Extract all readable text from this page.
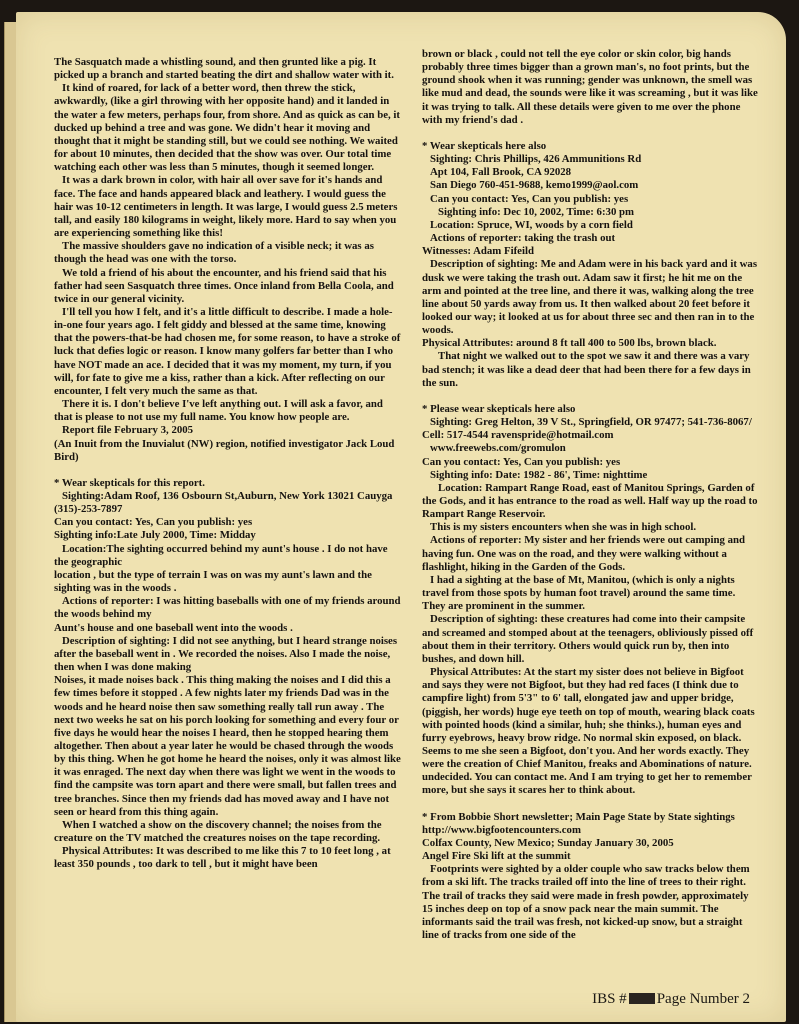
The Sasquatch made a whistling sound, and then grunted like a pig. It picked up a branch and started beating the dirt and shallow water with it.

It kind of roared, for lack of a better word, then threw the stick, awkwardly, (like a girl throwing with her opposite hand) and it landed in the water a few meters, perhaps four, from shore. And as quick as can be, it ducked up behind a tree and was gone. We didn't hear it moving and thought that it might be standing still, but we could see nothing. We waited for about 10 minutes, then decided that the show was over. Our total time watching each other was less than 5 minutes, though it seemed longer.

It was a dark brown in color, with hair all over save for it's hands and face. The face and hands appeared black and leathery. I would guess the hair was 10-12 centimeters in length. It was large, I would guess 2.5 meters tall, and easily 180 kilograms in weight, likely more. Hard to say when you are experiencing something like this!

The massive shoulders gave no indication of a visible neck; it was as though the head was one with the torso.

We told a friend of his about the encounter, and his friend said that his father had seen Sasquatch three times. Once inland from Bella Coola, and twice in our general vicinity.

I'll tell you how I felt, and it's a little difficult to describe. I made a hole-in-one four years ago. I felt giddy and blessed at the same time, knowing that the powers-that-be had chosen me, for some reason, to have a stroke of luck that defies logic or reason. I know many golfers far better than I who have NOT made an ace. I decided that it was my moment, my turn, if you will, for fate to give me a kiss, rather than a kick. After reflecting on our encounter, I felt very much the same as that.

There it is. I don't believe I've left anything out. I will ask a favor, and that is please to not use my full name. You know how people are.

Report file February 3, 2005

(An Inuit from the Inuvialut (NW) region, notified investigator Jack Loud Bird)

* Wear skepticals for this report.

Sighting:Adam Roof, 136 Osbourn St,Auburn, New York 13021 Cauyga (315)-253-7897

Can you contact: Yes, Can you publish: yes

Sighting info:Late July 2000, Time: Midday

Location:The sighting occurred behind my aunt's house . I do not have the geographic

location , but the type of terrain I was on was my aunt's lawn and the sighting was in the woods .

Actions of reporter: I was hitting baseballs with one of my friends around the woods behind my

Aunt's house and one baseball went into the woods .

Description of sighting: I did not see anything, but I heard strange noises after the baseball went in . We recorded the noises. Also I made the noise, then when I was done making

Noises, it made noises back . This thing making the noises and I did this a few times before it stopped . A few nights later my friends Dad was in the woods and he heard noise then saw something really tall run away . The next two weeks he sat on his porch looking for something and every four or five days he would hear the noises I heard, then he stopped hearing them altogether. Then about a year later he would be chased through the woods by this thing. When he got home he heard the noises, only it was almost like it was enraged. The next day when there was light we went in the woods to find the campsite was torn apart and there were small, but fallen trees and tree branches. Since then my friends dad has moved away and I have not seen or heard from this thing again.

When I watched a show on the discovery channel; the noises from the creature on the TV matched the creatures noises on the tape recording.

Physical Attributes: It was described to me like this 7 to 10 feet long , at least 350 pounds , too dark to tell , but it might have been

brown or black , could not tell the eye color or skin color, big hands probably three times bigger than a grown man's, no foot prints, but the ground shook when it was running; gender was unknown, the smell was like mud and dead, the sounds were like it was screaming , but it was like it was trying to talk. All these details were given to me over the phone with my friend's dad .

* Wear skepticals here also

Sighting: Chris Phillips, 426 Ammunitions Rd

Apt 104, Fall Brook, CA 92028

San Diego 760-451-9688, kemo1999@aol.com

Can you contact: Yes, Can you publish: yes

Sighting info: Dec 10, 2002, Time: 6:30 pm

Location: Spruce, WI, woods by a corn field

Actions of reporter: taking the trash out

Witnesses: Adam Fifeild

Description of sighting: Me and Adam were in his back yard and it was dusk we were taking the trash out. Adam saw it first; he hit me on the arm and pointed at the tree line, and there it was, walking along the tree line about 50 yards away from us. It then walked about 20 feet before it looked our way; it looked at us for about three sec and then ran in to the woods.

Physical Attributes: around 8 ft tall 400 to 500 lbs, brown black.

That night we walked out to the spot we saw it and there was a vary bad stench; it was like a dead deer that had been there for a few days in the sun.

* Please wear skepticals here also

Sighting: Greg Helton, 39 V St., Springfield, OR 97477; 541-736-8067/ Cell: 517-4544 ravenspride@hotmail.com

www.freewebs.com/gromulon

Can you contact: Yes, Can you publish: yes

Sighting info: Date: 1982 - 86', Time: nighttime

Location: Rampart Range Road, east of Manitou Springs, Garden of the Gods, and it has entrance to the road as well. Half way up the road to Rampart Range Reservoir.

This is my sisters encounters when she was in high school.

Actions of reporter: My sister and her friends were out camping and having fun. One was on the road, and they were walking without a flashlight, hiking in the Garden of the Gods.

I had a sighting at the base of Mt, Manitou, (which is only a nights travel from those spots by human foot travel) around the same time. They are prominent in the summer.

Description of sighting: these creatures had come into their campsite and screamed and stomped about at the teenagers, obliviously pissed off about them in their territory. Others would quick run by, then into bushes, and down hill.

Physical Attributes: At the start my sister does not believe in Bigfoot and says they were not Bigfoot, but they had red faces (I think due to campfire light) from 5'3" to 6' tall, elongated jaw and upper bridge, (piggish, her words) huge eye teeth on top of mouth, wearing black coats with pointed hoods (kind a similar, huh; she thinks.), human eyes and furry eyebrows, heavy brow ridge. No normal skin exposed, on black. Seems to me she seen a Bigfoot, don't you. And her words exactly. They were the creation of Chief Manitou, freaks and Abominations of nature. undecided. You can contact me. And I am trying to get her to remember more, but she says it scares her to think about.

* From Bobbie Short newsletter; Main Page State by State sightings http://www.bigfootencounters.com

Colfax County, New Mexico; Sunday January 30, 2005

Angel Fire Ski lift at the summit

Footprints were sighted by a older couple who saw tracks below them from a ski lift. The tracks trailed off into the line of trees to their right. The trail of tracks they said were made in fresh powder, approximately 15 inches deep on top of a snow pack near the main summit. The informants said the trail was fresh, not kicked-up snow, but a straight line of tracks from one side of the

IBS # Page Number 2
